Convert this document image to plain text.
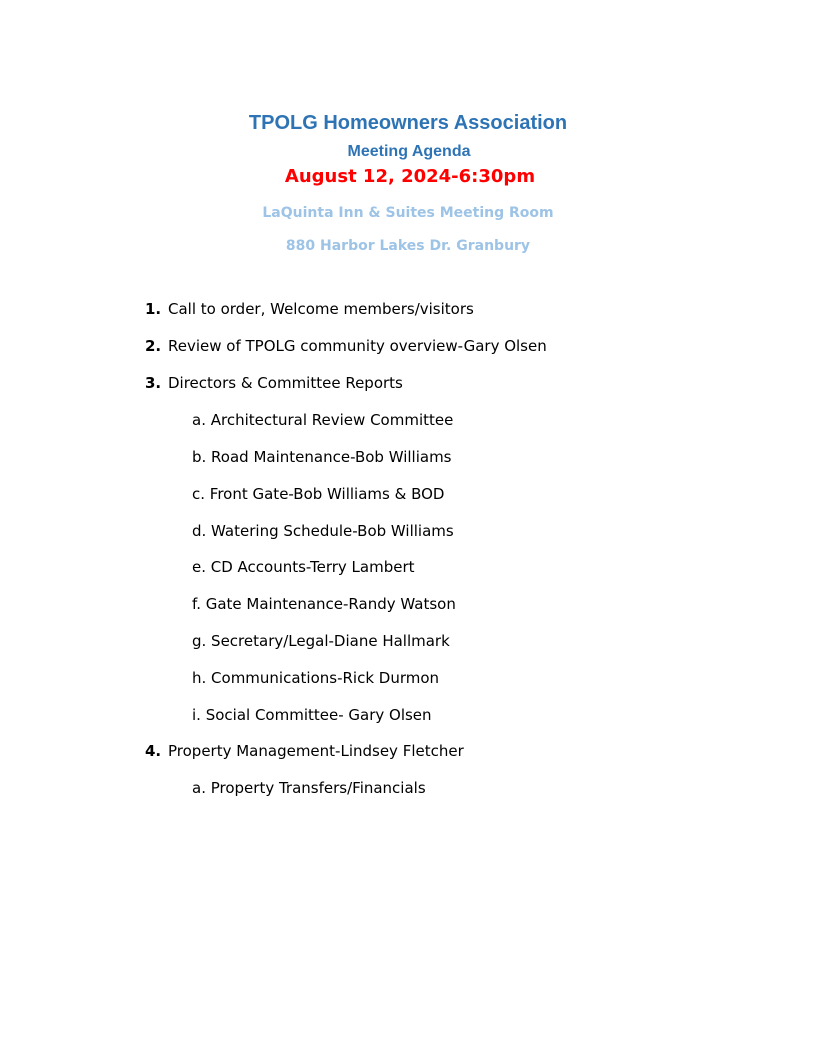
TPOLG Homeowners Association
Meeting Agenda
August 12, 2024-6:30pm
LaQuinta Inn & Suites Meeting Room
880 Harbor Lakes Dr. Granbury
1. Call to order, Welcome members/visitors
2. Review of TPOLG community overview-Gary Olsen
3. Directors & Committee Reports
a. Architectural Review Committee
b. Road Maintenance-Bob Williams
c. Front Gate-Bob Williams & BOD
d. Watering Schedule-Bob Williams
e. CD Accounts-Terry Lambert
f. Gate Maintenance-Randy Watson
g. Secretary/Legal-Diane Hallmark
h. Communications-Rick Durmon
i. Social Committee- Gary Olsen
4. Property Management-Lindsey Fletcher
a. Property Transfers/Financials
